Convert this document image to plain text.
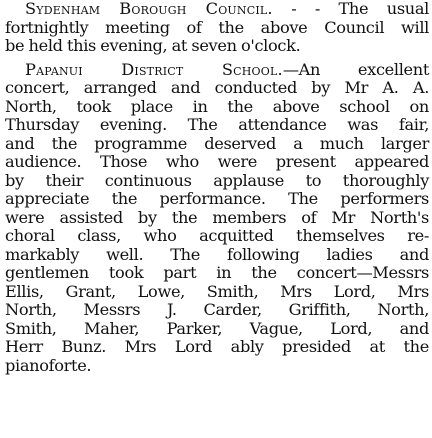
Sydenham Borough Council. - - The usual
fortnightly meeting of the above Council will
be held this evening, at seven o'clock.

Papanui District School.—An excellent
concert, arranged and conducted by Mr A. A.
North, took place in the above school on
Thursday evening. The attendance was fair,
and the programme deserved a much larger
audience. Those who were present appeared
by their continuous applause to thoroughly
appreciate the performance. The performers
were assisted by the members of Mr North's
choral class, who acquitted themselves re-
markably well. The following ladies and
gentlemen took part in the concert—Messrs
Ellis, Grant, Lowe, Smith, Mrs Lord, Mrs
North, Messrs J. Carder, Griffith, North,
Smith, Maher, Parker, Vague, Lord, and
Herr Bunz. Mrs Lord ably presided at the
pianoforte.
